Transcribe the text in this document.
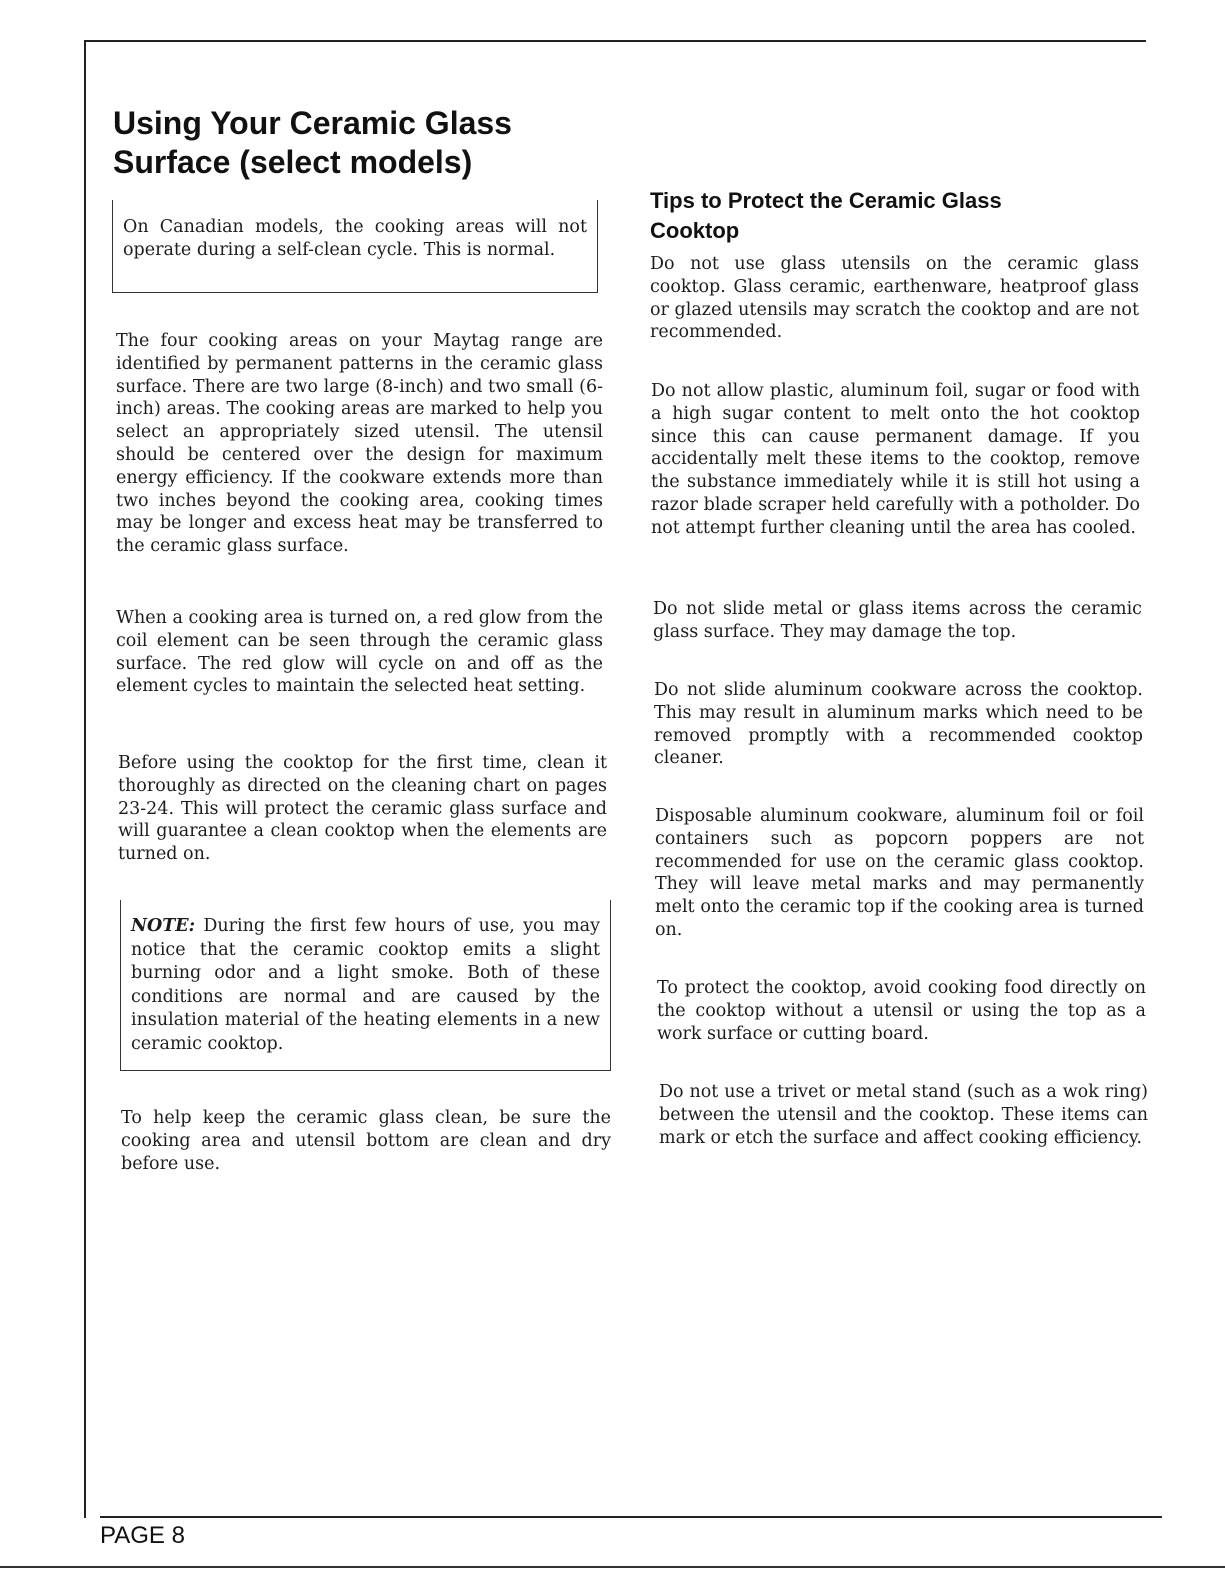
Using Your Ceramic Glass Surface (select models)

On Canadian models, the cooking areas will not operate during a self-clean cycle. This is normal.

The four cooking areas on your Maytag range are identified by permanent patterns in the ceramic glass surface. There are two large (8-inch) and two small (6-inch) areas. The cooking areas are marked to help you select an appropriately sized utensil. The utensil should be centered over the design for maximum energy efficiency. If the cookware extends more than two inches beyond the cooking area, cooking times may be longer and excess heat may be transferred to the ceramic glass surface.

When a cooking area is turned on, a red glow from the coil element can be seen through the ceramic glass surface. The red glow will cycle on and off as the element cycles to maintain the selected heat setting.

Before using the cooktop for the first time, clean it thoroughly as directed on the cleaning chart on pages 23-24. This will protect the ceramic glass surface and will guarantee a clean cooktop when the elements are turned on.

NOTE: During the first few hours of use, you may notice that the ceramic cooktop emits a slight burning odor and a light smoke. Both of these conditions are normal and are caused by the insulation material of the heating elements in a new ceramic cooktop.

To help keep the ceramic glass clean, be sure the cooking area and utensil bottom are clean and dry before use.

Tips to Protect the Ceramic Glass Cooktop

Do not use glass utensils on the ceramic glass cooktop. Glass ceramic, earthenware, heatproof glass or glazed utensils may scratch the cooktop and are not recommended.

Do not allow plastic, aluminum foil, sugar or food with a high sugar content to melt onto the hot cooktop since this can cause permanent damage. If you accidentally melt these items to the cooktop, remove the substance immediately while it is still hot using a razor blade scraper held carefully with a potholder. Do not attempt further cleaning until the area has cooled.

Do not slide metal or glass items across the ceramic glass surface. They may damage the top.

Do not slide aluminum cookware across the cooktop. This may result in aluminum marks which need to be removed promptly with a recommended cooktop cleaner.

Disposable aluminum cookware, aluminum foil or foil containers such as popcorn poppers are not recommended for use on the ceramic glass cooktop. They will leave metal marks and may permanently melt onto the ceramic top if the cooking area is turned on.

To protect the cooktop, avoid cooking food directly on the cooktop without a utensil or using the top as a work surface or cutting board.

Do not use a trivet or metal stand (such as a wok ring) between the utensil and the cooktop. These items can mark or etch the surface and affect cooking efficiency.

PAGE 8
